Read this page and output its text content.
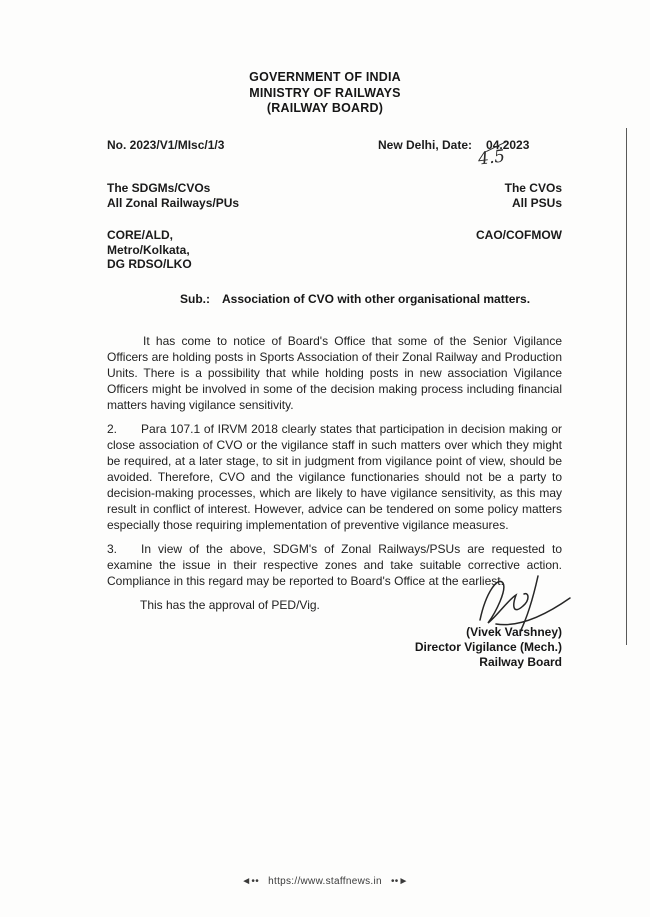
GOVERNMENT OF INDIA
MINISTRY OF RAILWAYS
(RAILWAY BOARD)
No. 2023/V1/MIsc/1/3	New Delhi, Date: 04.2023
4.5
The SDGMs/CVOs
All Zonal Railways/PUs
The CVOs
All PSUs
CORE/ALD,
Metro/Kolkata,
DG RDSO/LKO
CAO/COFMOW
Sub.: Association of CVO with other organisational matters.

It has come to notice of Board's Office that some of the Senior Vigilance Officers are holding posts in Sports Association of their Zonal Railway and Production Units. There is a possibility that while holding posts in new association Vigilance Officers might be involved in some of the decision making process including financial matters having vigilance sensitivity.

2. Para 107.1 of IRVM 2018 clearly states that participation in decision making or close association of CVO or the vigilance staff in such matters over which they might be required, at a later stage, to sit in judgment from vigilance point of view, should be avoided. Therefore, CVO and the vigilance functionaries should not be a party to decision-making processes, which are likely to have vigilance sensitivity, as this may result in conflict of interest. However, advice can be tendered on some policy matters especially those requiring implementation of preventive vigilance measures.

3. In view of the above, SDGM's of Zonal Railways/PSUs are requested to examine the issue in their respective zones and take suitable corrective action. Compliance in this regard may be reported to Board's Office at the earliest.

This has the approval of PED/Vig.

(Vivek Varshney)
Director Vigilance (Mech.)
Railway Board
◄•• https://www.staffnews.in ••►
